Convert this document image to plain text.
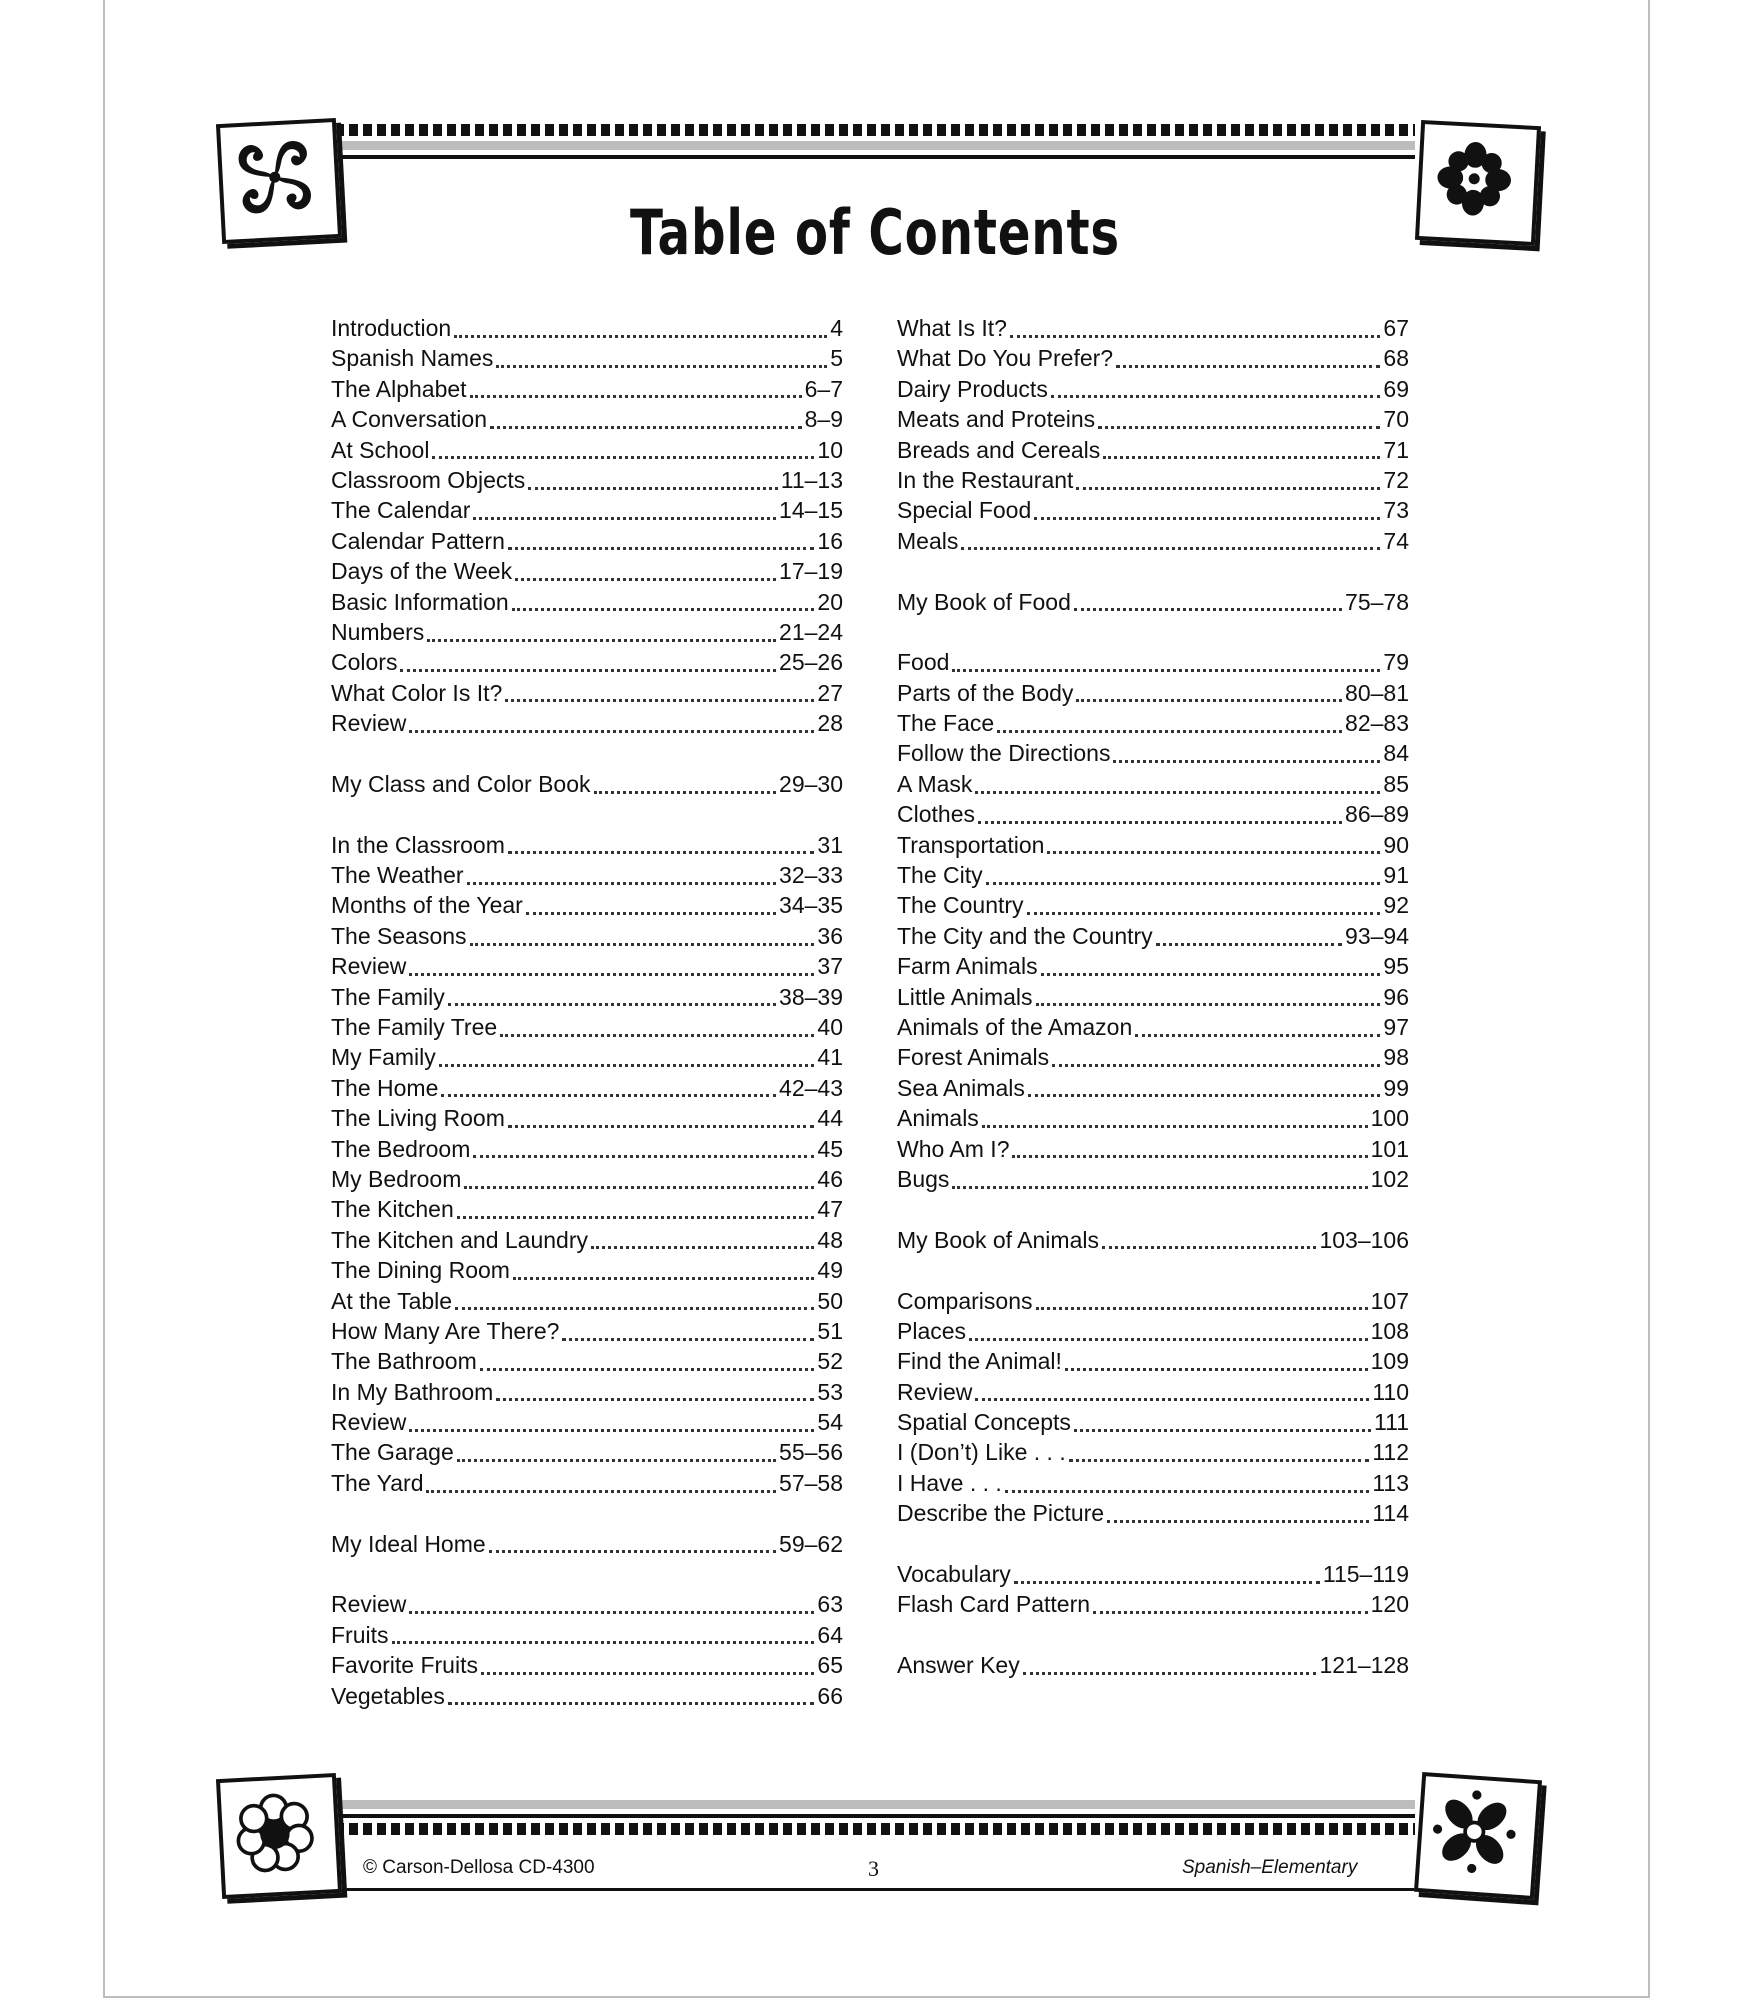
Table of Contents
Introduction	4
Spanish Names	5
The Alphabet	6–7
A Conversation	8–9
At School	10
Classroom Objects	11–13
The Calendar	14–15
Calendar Pattern	16
Days of the Week	17–19
Basic Information	20
Numbers	21–24
Colors	25–26
What Color Is It?	27
Review	28
My Class and Color Book	29–30
In the Classroom	31
The Weather	32–33
Months of the Year	34–35
The Seasons	36
Review	37
The Family	38–39
The Family Tree	40
My Family	41
The Home	42–43
The Living Room	44
The Bedroom	45
My Bedroom	46
The Kitchen	47
The Kitchen and Laundry	48
The Dining Room	49
At the Table	50
How Many Are There?	51
The Bathroom	52
In My Bathroom	53
Review	54
The Garage	55–56
The Yard	57–58
My Ideal Home	59–62
Review	63
Fruits	64
Favorite Fruits	65
Vegetables	66
What Is It?	67
What Do You Prefer?	68
Dairy Products	69
Meats and Proteins	70
Breads and Cereals	71
In the Restaurant	72
Special Food	73
Meals	74
My Book of Food	75–78
Food	79
Parts of the Body	80–81
The Face	82–83
Follow the Directions	84
A Mask	85
Clothes	86–89
Transportation	90
The City	91
The Country	92
The City and the Country	93–94
Farm Animals	95
Little Animals	96
Animals of the Amazon	97
Forest Animals	98
Sea Animals	99
Animals	100
Who Am I?	101
Bugs	102
My Book of Animals	103–106
Comparisons	107
Places	108
Find the Animal!	109
Review	110
Spatial Concepts	111
I (Don’t) Like . . .	112
I Have . . .	113
Describe the Picture	114
Vocabulary	115–119
Flash Card Pattern	120
Answer Key	121–128
© Carson-Dellosa CD-4300	3	Spanish–Elementary
